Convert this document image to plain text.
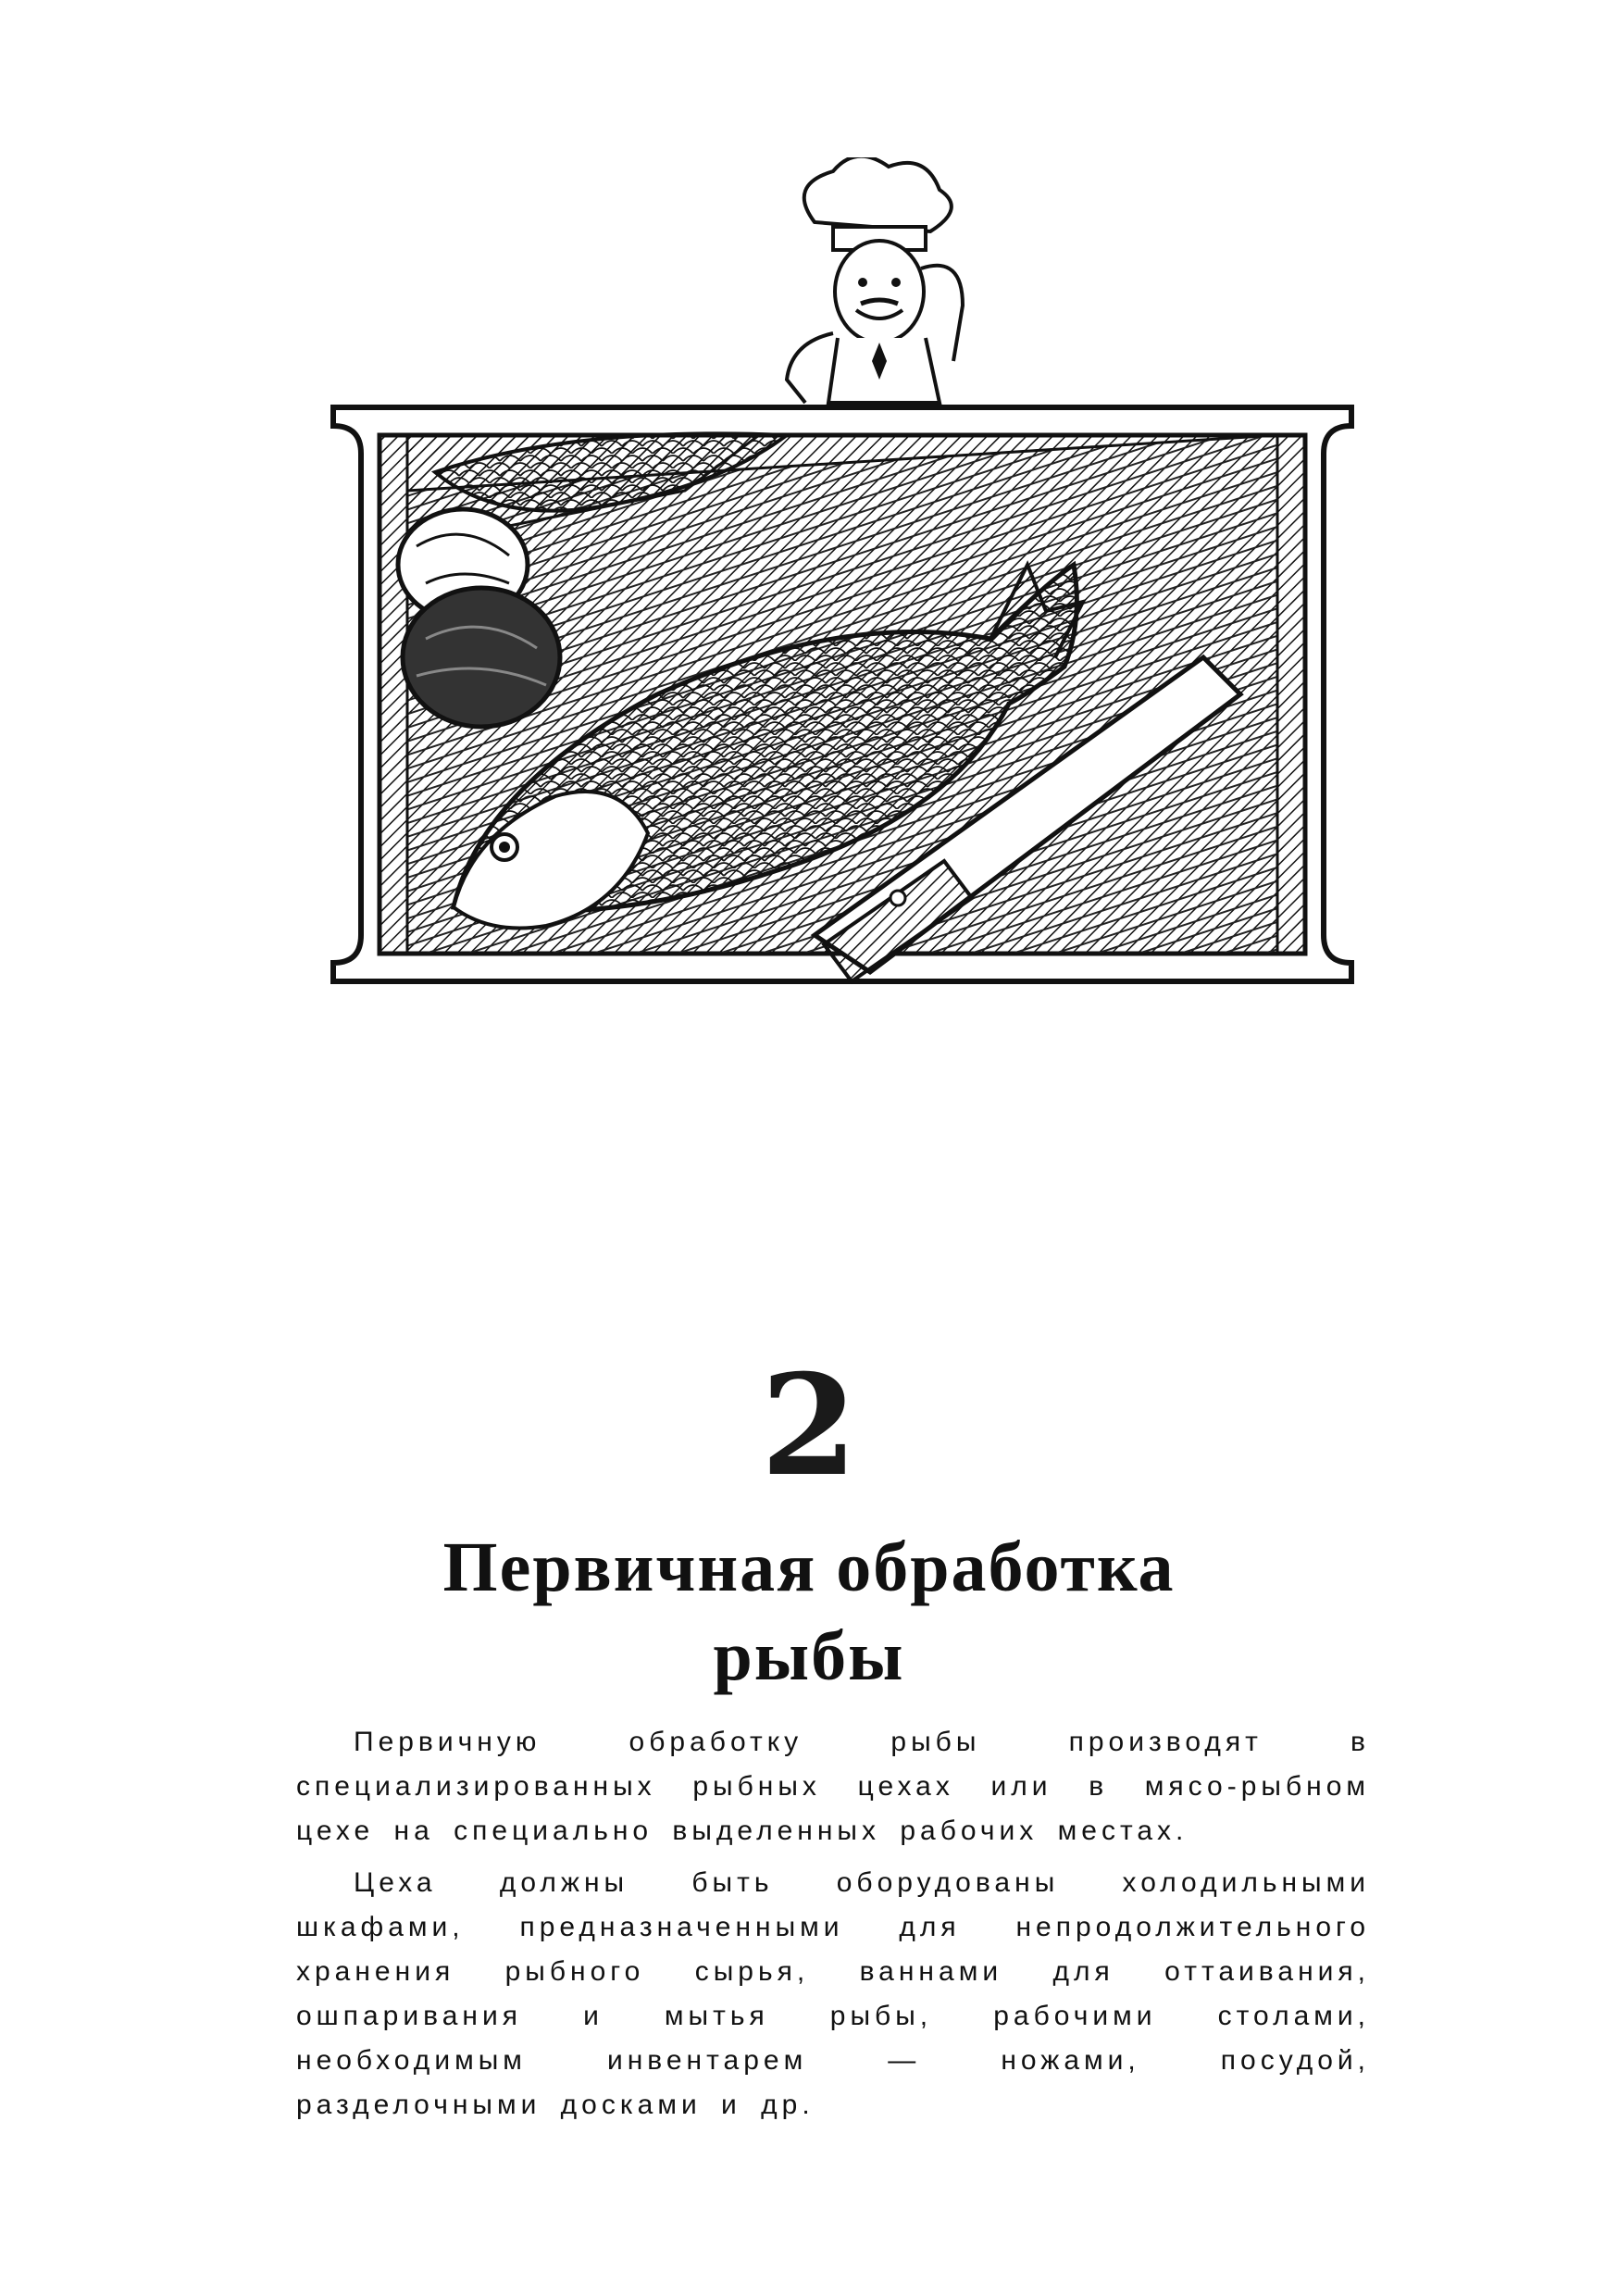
2
Первичная обработка
рыбы

Первичную обработку рыбы производят в специализированных рыбных цехах или в мясо-рыбном цехе на специально выделенных рабочих местах.

Цеха должны быть оборудованы холодильными шкафами, предназначенными для непродолжительного хранения рыбного сырья, ваннами для оттаивания, ошпаривания и мытья рыбы, рабочими столами, необходимым инвентарем — ножами, посудой, разделочными досками и др.
